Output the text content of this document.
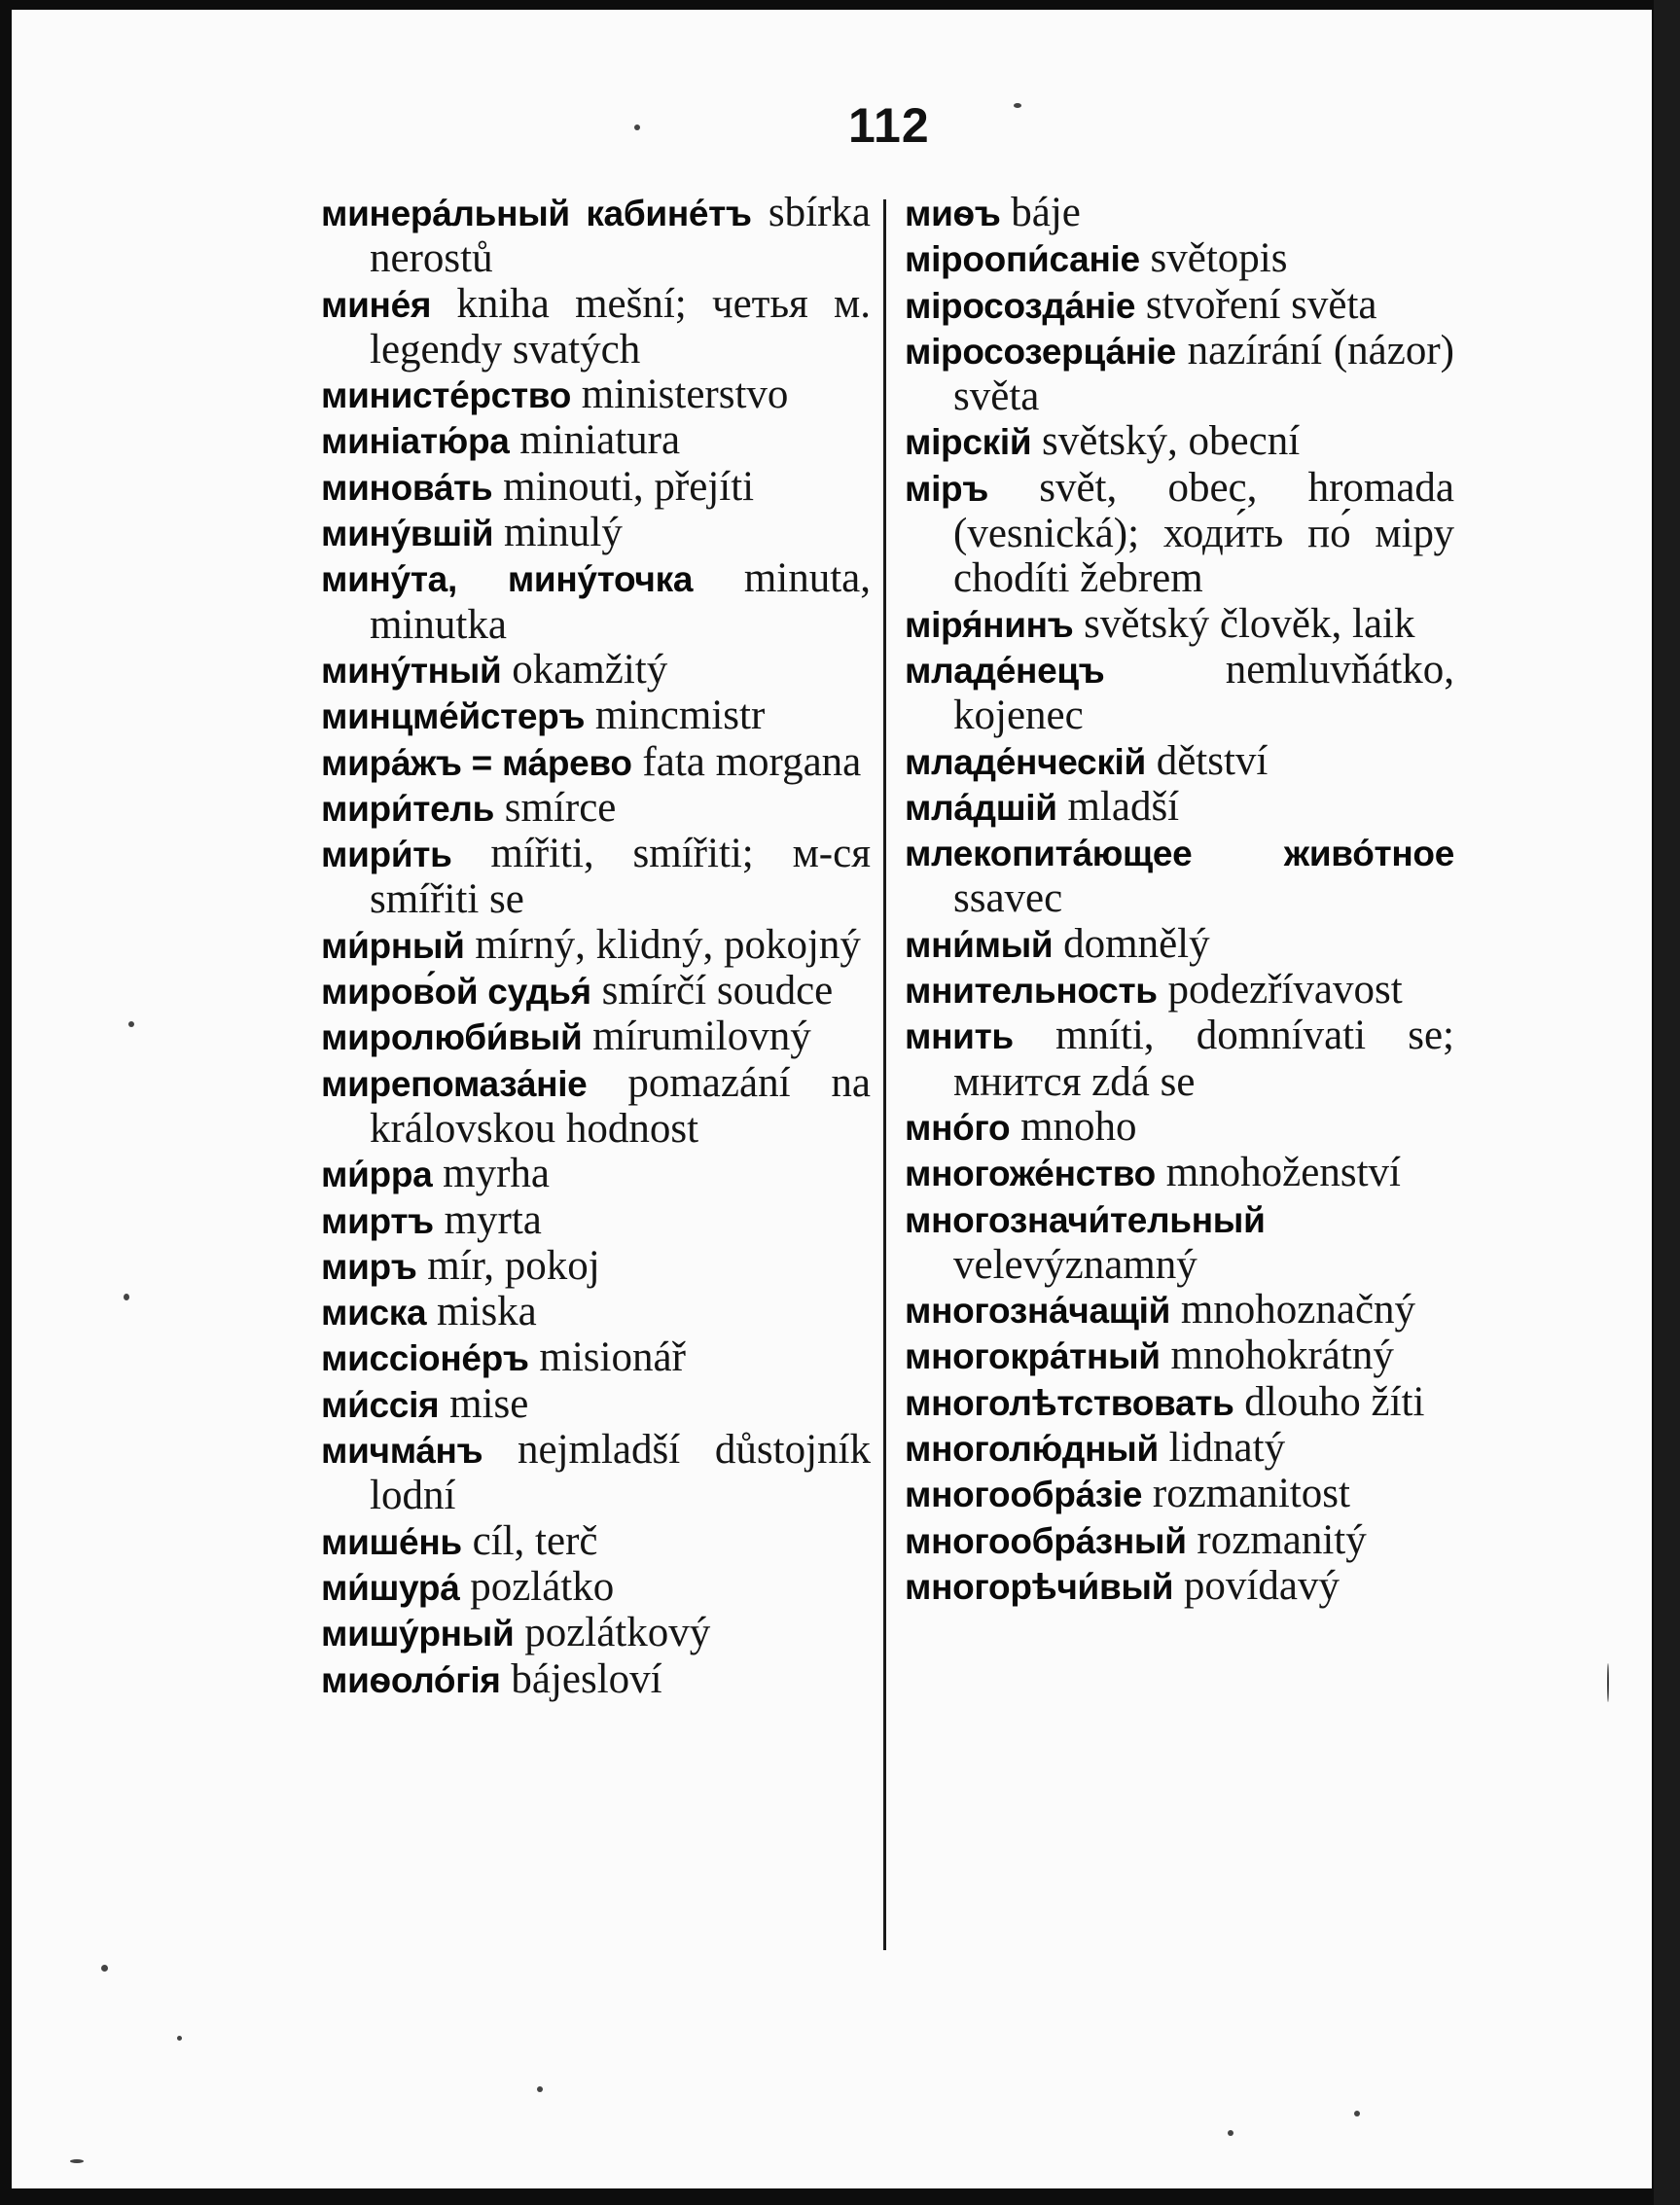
112

минера́льный кабине́тъ sbírka nerostů

мине́я kniha mešní; четья м. legendy svatých

министе́рство ministerstvo

миніатю́ра miniatura

минова́ть minouti, přejíti

мину́вшій minulý

мину́та, мину́точка minuta, minutka

мину́тный okamžitý

минцме́йстеръ mincmistr

мира́жъ = ма́рево fata morgana

мири́тель smírce

мири́ть mířiti, smířiti; м-ся smířiti se

ми́рный mírný, klidný, pokojný

миров́ой судья́ smírčí soudce

миролюби́вый mírumilovný

мирепомаза́ніе pomazání na královskou hodnost

ми́рра myrha

миртъ myrta

миръ mír, pokoj

миска miska

миссіоне́ръ misionář

ми́ссія mise

мичма́нъ nejmladší důstojník lodní

мише́нь cíl, terč

ми́шура́ pozlátko

мишу́рный pozlátkový

миѳоло́гія bájesloví

миѳъ báje

міроопи́саніе světopis

міросозда́ніе stvoření světa

міросозерца́ніе nazírání (názor) světa

мірскій světský, obecní

міръ svět, obec, hromada (vesnická); ходи́ть по́ міру chodíti žebrem

міря́нинъ světský člověk, laik

младе́нецъ	nemluvňátko, kojenec

младе́нческій dětství

мла́дшій mladší

млекопита́ющее живо́тное ssavec

мни́мый domnělý

мнительность podezřívavost

мнить mníti, domnívati se; мнится zdá se

мно́го mnoho

многоже́нство mnohoženství

многозначи́тельный velevýznamný

многозна́чащій mnohoznačný

многокра́тный mnohokrátný

многолѣтствовать dlouho žíti

многолю́дный lidnatý

многообра́зіе rozmanitost

многообра́зный rozmanitý

многорѣчи́вый povídavý
